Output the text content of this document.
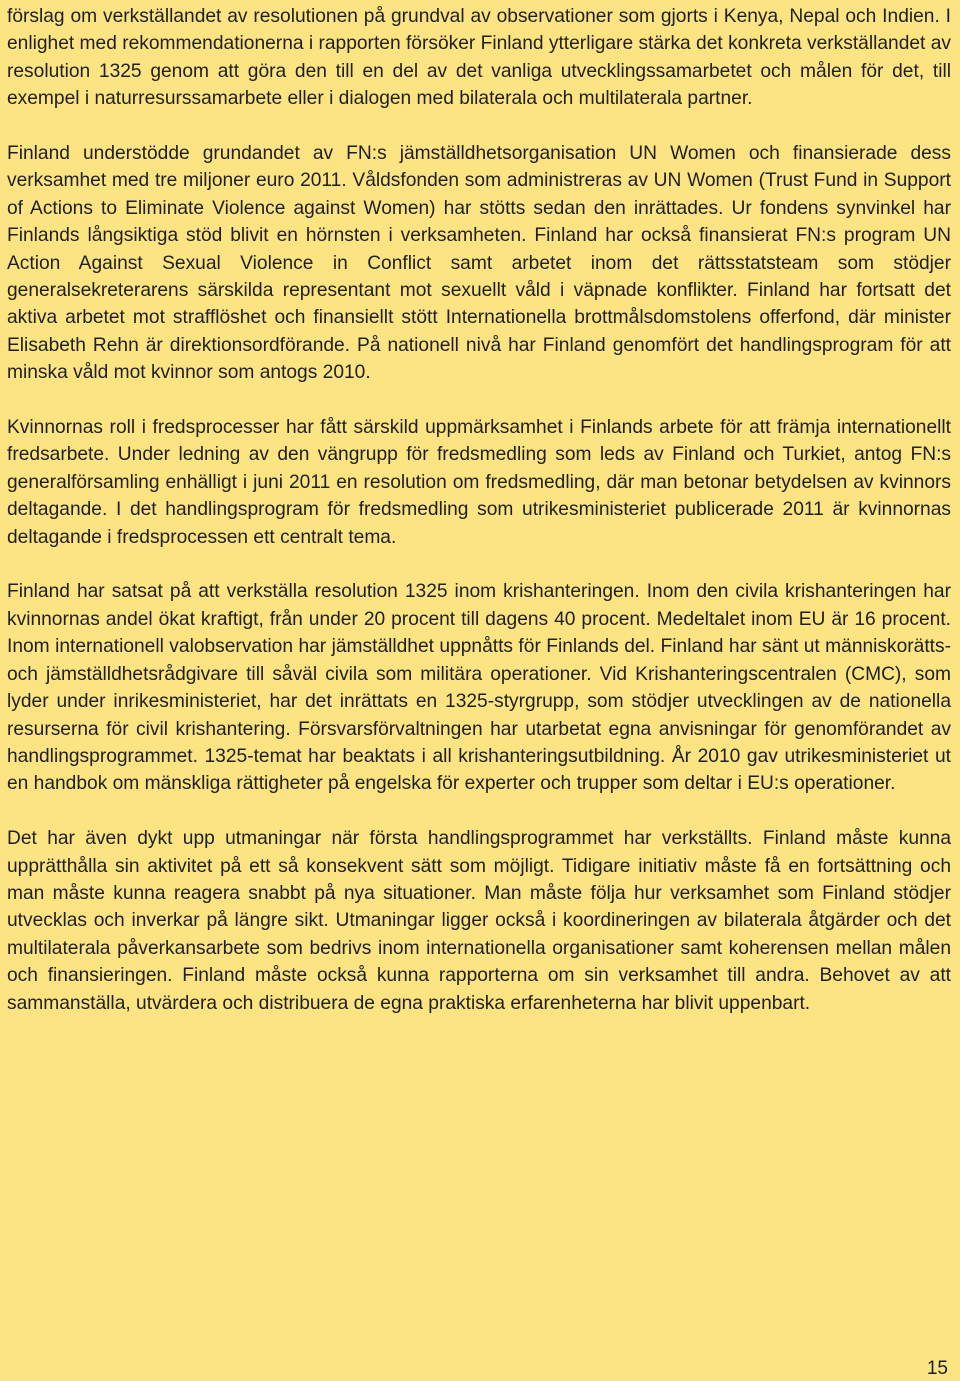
förslag om verkställandet av resolutionen på grundval av observationer som gjorts i Kenya, Nepal och Indien. I enlighet med rekommendationerna i rapporten försöker Finland ytterligare stärka det konkreta verkställandet av resolution 1325 genom att göra den till en del av det vanliga utvecklingssamarbetet och målen för det, till exempel i naturresurssamarbete eller i dialogen med bilaterala och multilaterala partner.

Finland understödde grundandet av FN:s jämställdhetsorganisation UN Women och finansierade dess verksamhet med tre miljoner euro 2011. Våldsfonden som administreras av UN Women (Trust Fund in Support of Actions to Eliminate Violence against Women) har stötts sedan den inrättades. Ur fondens synvinkel har Finlands långsiktiga stöd blivit en hörnsten i verksamheten. Finland har också finansierat FN:s program UN Action Against Sexual Violence in Conflict samt arbetet inom det rättsstatsteam som stödjer generalsekreterarens särskilda representant mot sexuellt våld i väpnade konflikter. Finland har fortsatt det aktiva arbetet mot strafflöshet och finansiellt stött Internationella brottmålsdomstolens offerfond, där minister Elisabeth Rehn är direktionsordförande. På nationell nivå har Finland genomfört det handlingsprogram för att minska våld mot kvinnor som antogs 2010.

Kvinnornas roll i fredsprocesser har fått särskild uppmärksamhet i Finlands arbete för att främja internationellt fredsarbete. Under ledning av den vängrupp för fredsmedling som leds av Finland och Turkiet, antog FN:s generalförsamling enhälligt i juni 2011 en resolution om fredsmedling, där man betonar betydelsen av kvinnors deltagande. I det handlingsprogram för fredsmedling som utrikesministeriet publicerade 2011 är kvinnornas deltagande i fredsprocessen ett centralt tema.

Finland har satsat på att verkställa resolution 1325 inom krishanteringen. Inom den civila krishanteringen har kvinnornas andel ökat kraftigt, från under 20 procent till dagens 40 procent. Medeltalet inom EU är 16 procent. Inom internationell valobservation har jämställdhet uppnåtts för Finlands del. Finland har sänt ut människorätts- och jämställdhetsrådgivare till såväl civila som militära operationer. Vid Krishanteringscentralen (CMC), som lyder under inrikesministeriet, har det inrättats en 1325-styrgrupp, som stödjer utvecklingen av de nationella resurserna för civil krishantering. Försvarsförvaltningen har utarbetat egna anvisningar för genomförandet av handlingsprogrammet. 1325-temat har beaktats i all krishanteringsutbildning. År 2010 gav utrikesministeriet ut en handbok om mänskliga rättigheter på engelska för experter och trupper som deltar i EU:s operationer.

Det har även dykt upp utmaningar när första handlingsprogrammet har verkställts. Finland måste kunna upprätthålla sin aktivitet på ett så konsekvent sätt som möjligt. Tidigare initiativ måste få en fortsättning och man måste kunna reagera snabbt på nya situationer. Man måste följa hur verksamhet som Finland stödjer utvecklas och inverkar på längre sikt. Utmaningar ligger också i koordineringen av bilaterala åtgärder och det multilaterala påverkansarbete som bedrivs inom internationella organisationer samt koherensen mellan målen och finansieringen. Finland måste också kunna rapporterna om sin verksamhet till andra. Behovet av att sammanställa, utvärdera och distribuera de egna praktiska erfarenheterna har blivit uppenbart.

15
